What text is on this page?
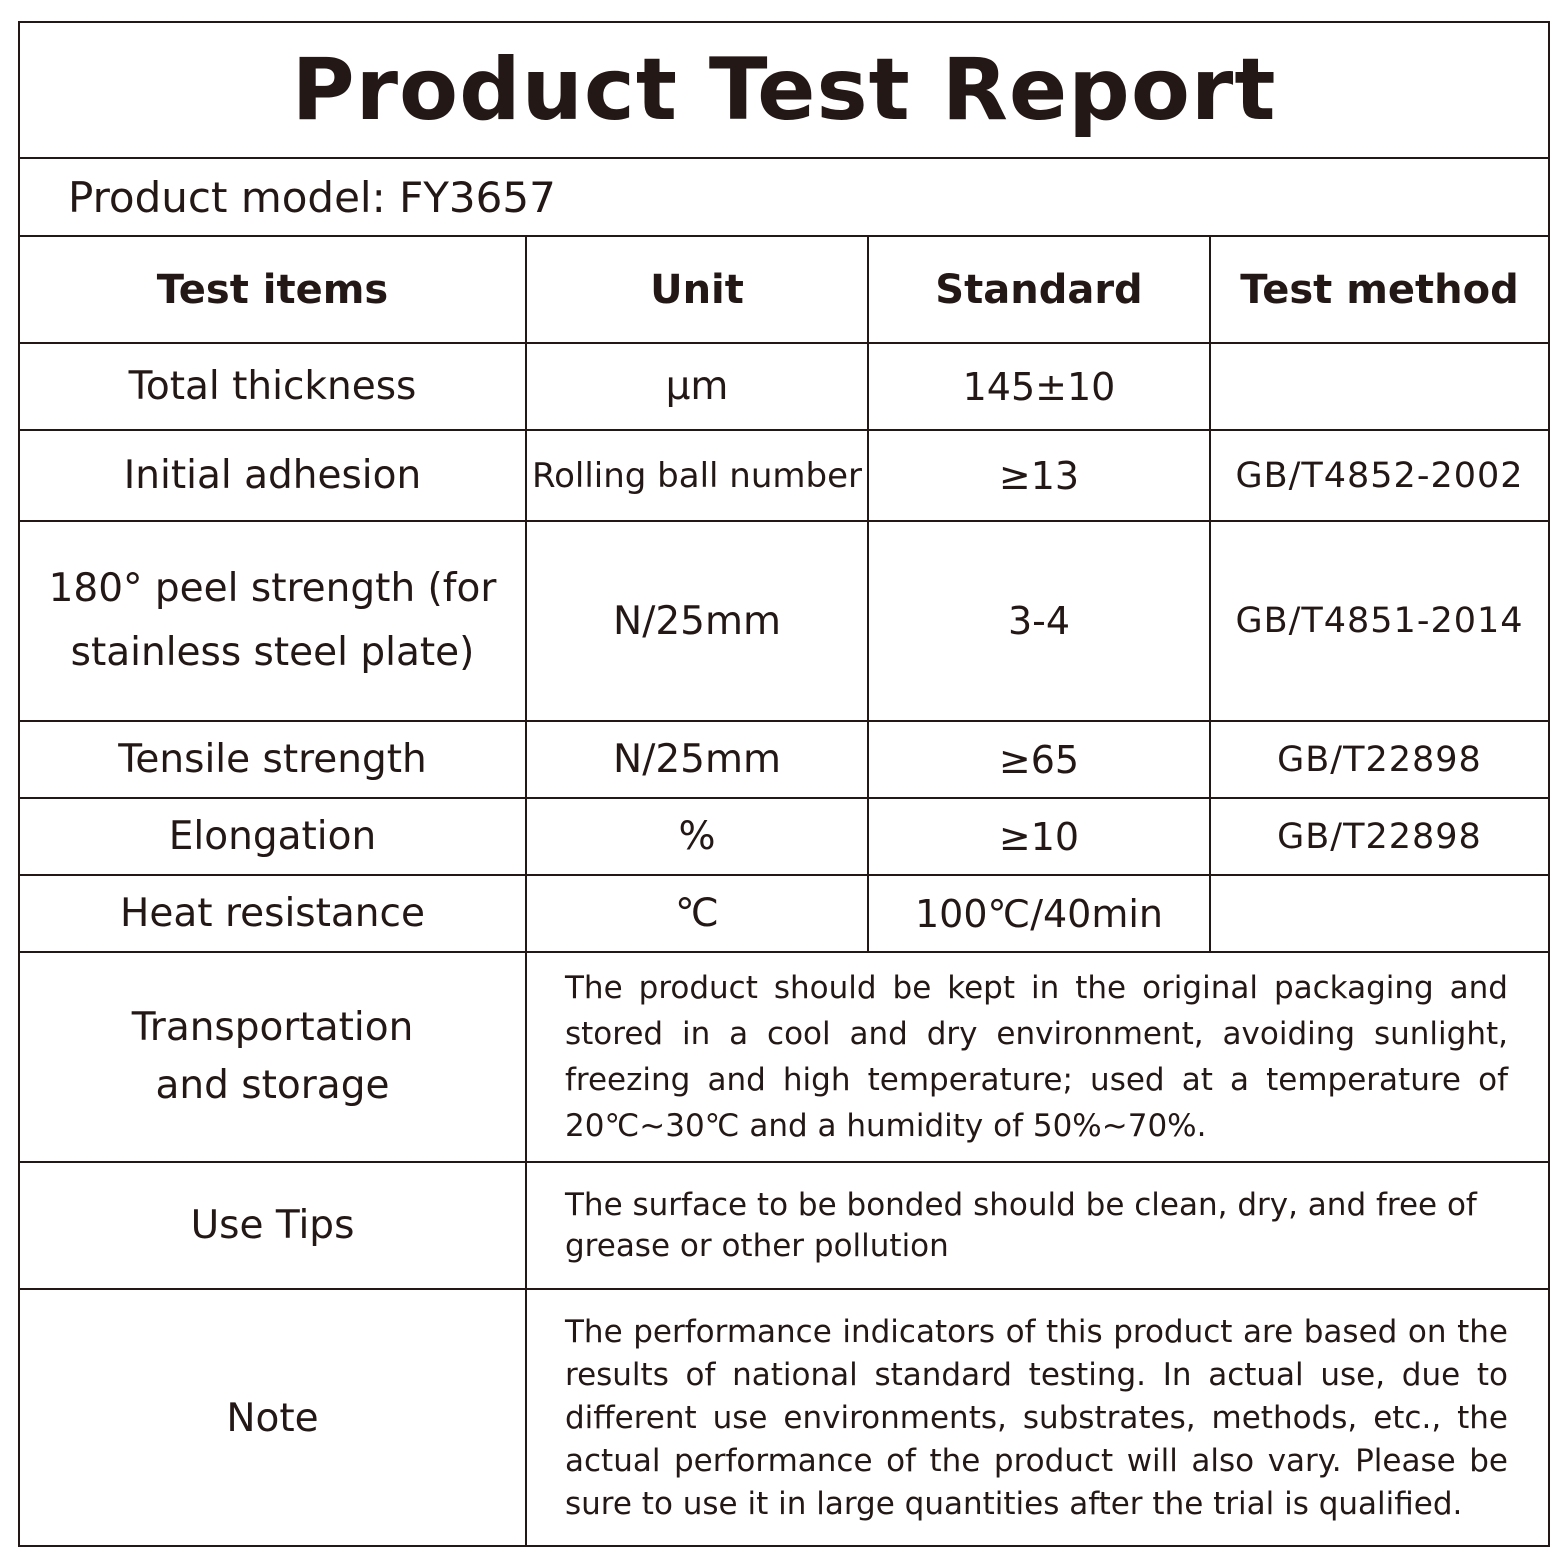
Product Test Report
Product model: FY3657
Test items	Unit	Standard	Test method
Total thickness	μm	145±10	
Initial adhesion	Rolling ball number	≥13	GB/T4852-2002
180° peel strength (for
stainless steel plate)	N/25mm	3-4	GB/T4851-2014
Tensile strength	N/25mm	≥65	GB/T22898
Elongation	%	≥10	GB/T22898
Heat resistance	℃	100℃/40min	
Transportation
and storage	The product should be kept in the original packaging and stored in a cool and dry environment, avoiding sunlight, freezing and high temperature; used at a temperature of 20℃~30℃ and a humidity of 50%~70%.		
Use Tips	The surface to be bonded should be clean, dry, and free of grease or other pollution		
Note	The performance indicators of this product are based on the results of national standard testing. In actual use, due to different use environments, substrates, methods, etc., the actual performance of the product will also vary. Please be sure to use it in large quantities after the trial is qualified.		
